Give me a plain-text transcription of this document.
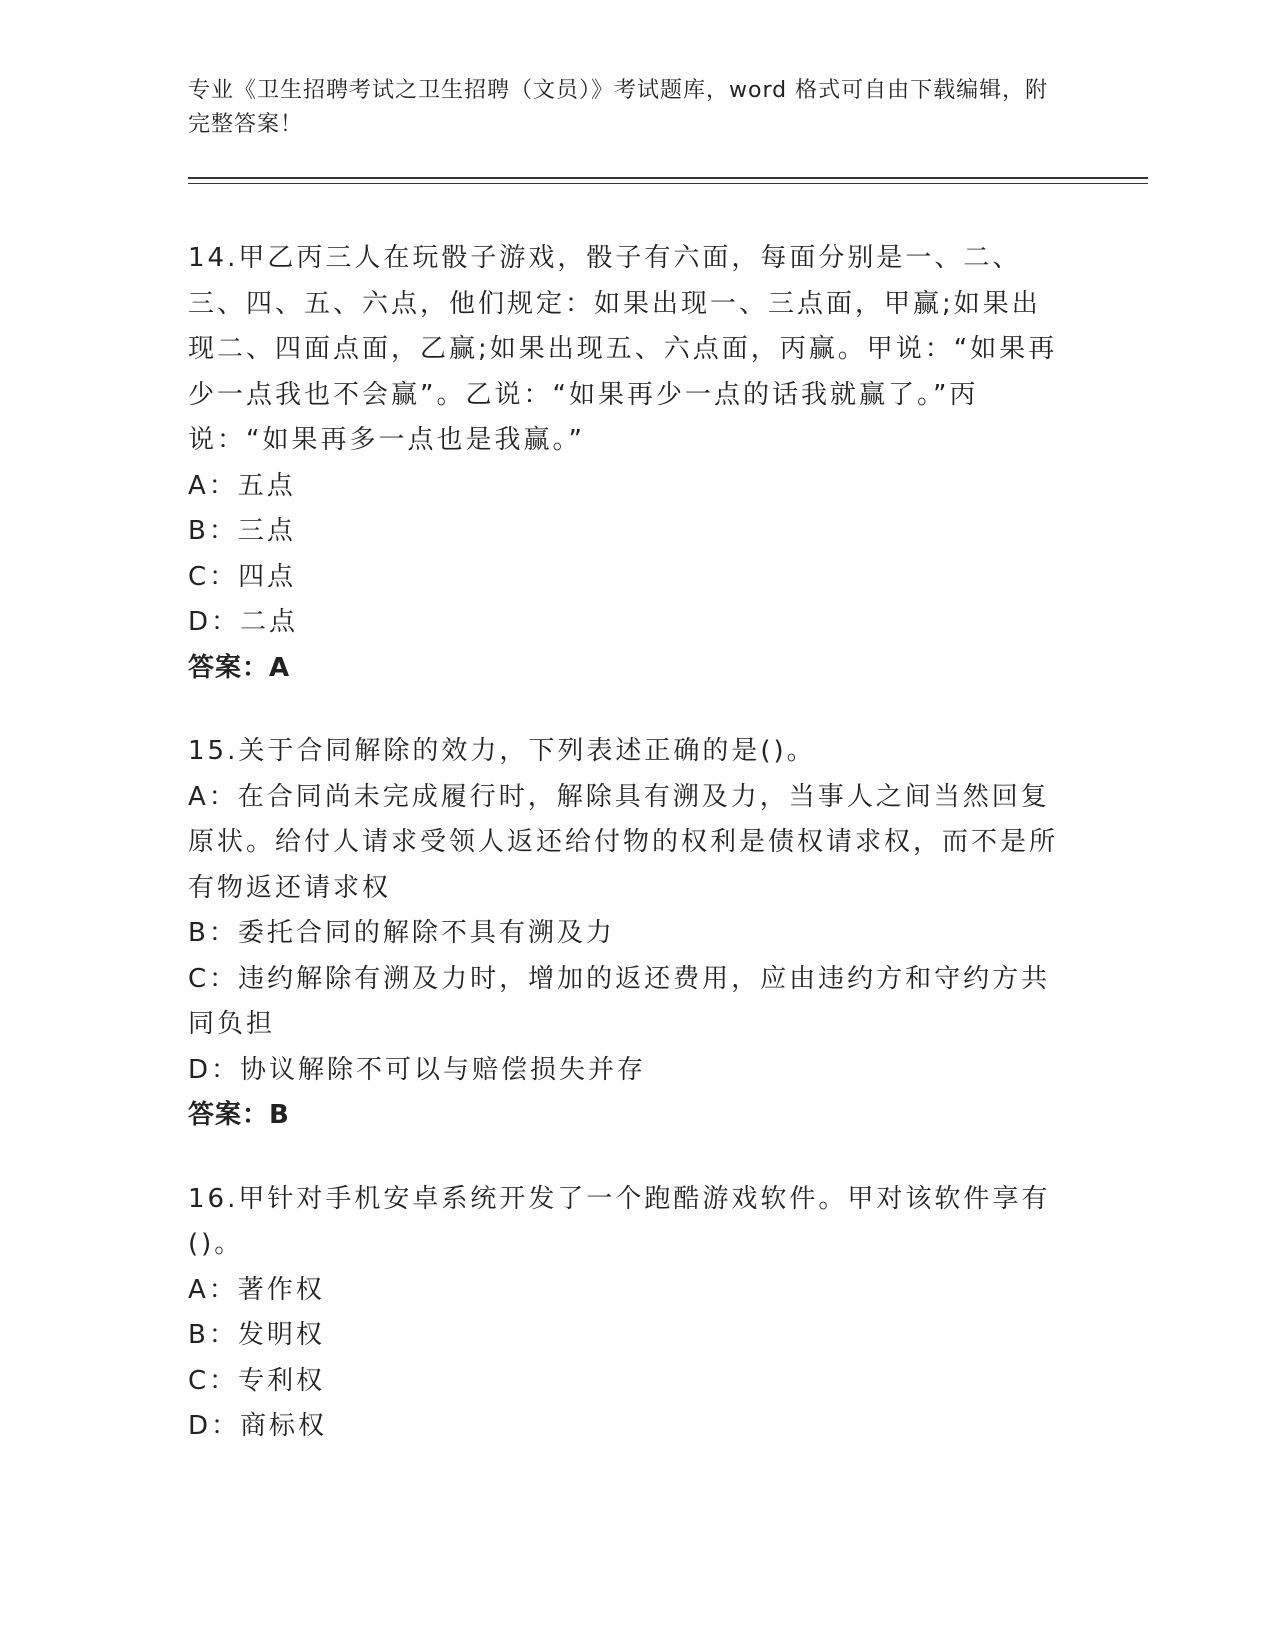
专业《卫生招聘考试之卫生招聘（文员）》考试题库，word 格式可自由下载编辑，附完整答案！
14.甲乙丙三人在玩骰子游戏，骰子有六面，每面分别是一、二、三、四、五、六点，他们规定：如果出现一、三点面，甲赢;如果出现二、四面点面，乙赢;如果出现五、六点面，丙赢。甲说：“如果再少一点我也不会赢”。乙说：“如果再少一点的话我就赢了。”丙说：“如果再多一点也是我赢。”
A：五点
B：三点
C：四点
D：二点
答案：A
15.关于合同解除的效力，下列表述正确的是()。
A：在合同尚未完成履行时，解除具有溯及力，当事人之间当然回复原状。给付人请求受领人返还给付物的权利是债权请求权，而不是所有物返还请求权
B：委托合同的解除不具有溯及力
C：违约解除有溯及力时，增加的返还费用，应由违约方和守约方共同负担
D：协议解除不可以与赔偿损失并存
答案：B
16.甲针对手机安卓系统开发了一个跑酷游戏软件。甲对该软件享有()。
A：著作权
B：发明权
C：专利权
D：商标权
